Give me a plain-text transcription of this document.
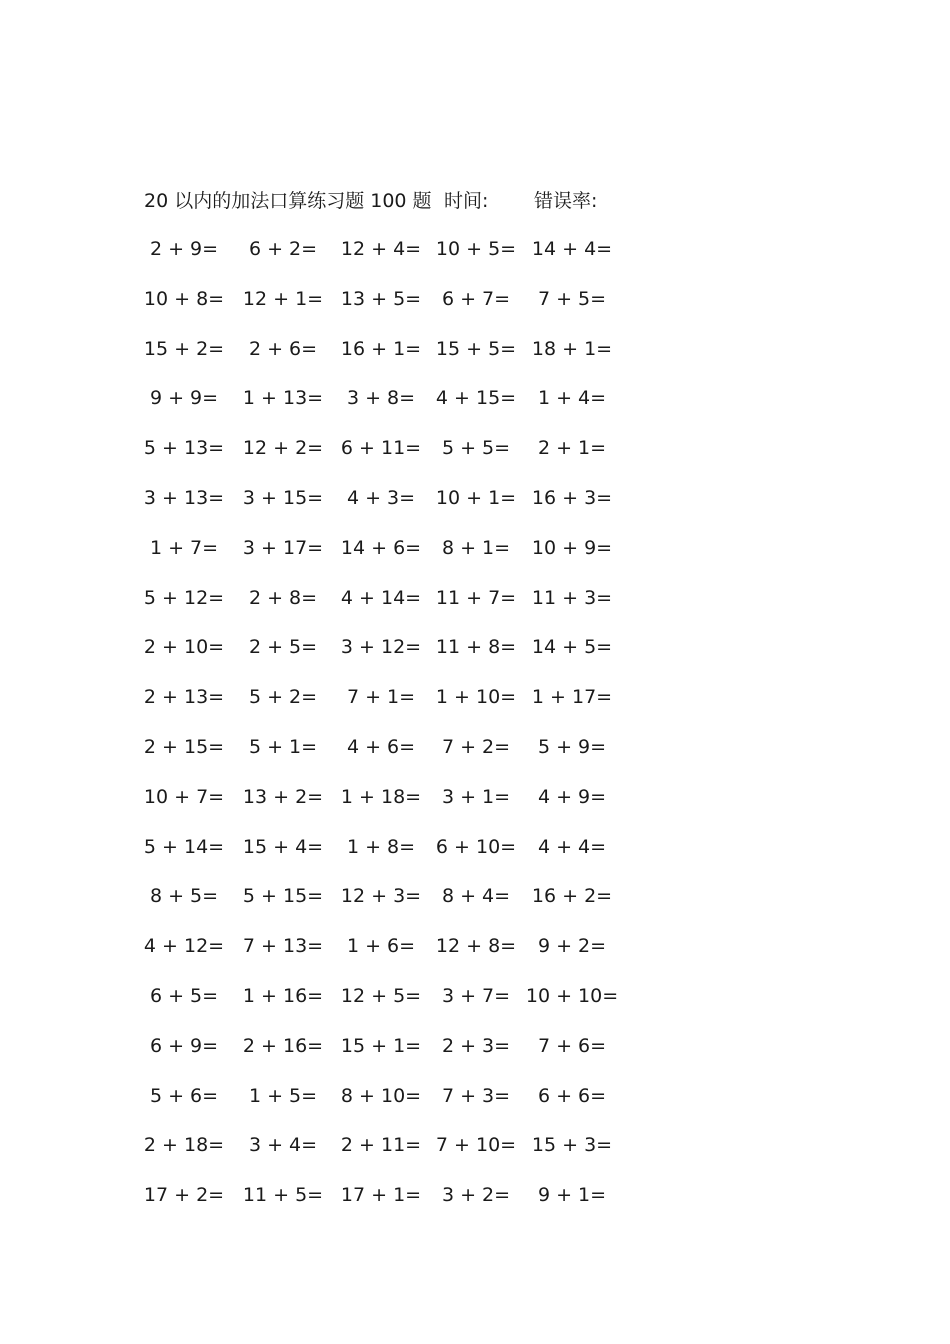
20 以内的加法口算练习题 100 题 时间: 错误率:
2 + 9=	6 + 2=	12 + 4= 10 + 5= 14 + 4=
10 + 8= 12 + 1= 13 + 5=	6 + 7=	7 + 5=
15 + 2=	2 + 6=	16 + 1= 15 + 5= 18 + 1=
9 + 9=	1 + 13=	3 + 8=	4 + 15=	1 + 4=
5 + 13= 12 + 2= 6 + 11=	5 + 5=	2 + 1=
3 + 13= 3 + 15=	4 + 3=	10 + 1= 16 + 3=
1 + 7=	3 + 17= 14 + 6=	8 + 1=	10 + 9=
5 + 12=	2 + 8=	4 + 14= 11 + 7= 11 + 3=
2 + 10=	2 + 5=	3 + 12= 11 + 8= 14 + 5=
2 + 13=	5 + 2=	7 + 1=	1 + 10= 1 + 17=
2 + 15=	5 + 1=	4 + 6=	7 + 2=	5 + 9=
10 + 7= 13 + 2= 1 + 18=	3 + 1=	4 + 9=
5 + 14= 15 + 4=	1 + 8=	6 + 10=	4 + 4=
8 + 5=	5 + 15= 12 + 3=	8 + 4=	16 + 2=
4 + 12= 7 + 13=	1 + 6=	12 + 8=	9 + 2=
6 + 5=	1 + 16= 12 + 5=	3 + 7= 10 + 10=
6 + 9=	2 + 16= 15 + 1=	2 + 3=	7 + 6=
5 + 6=	1 + 5=	8 + 10=	7 + 3=	6 + 6=
2 + 18=	3 + 4=	2 + 11= 7 + 10= 15 + 3=
17 + 2= 11 + 5= 17 + 1=	3 + 2=	9 + 1=
